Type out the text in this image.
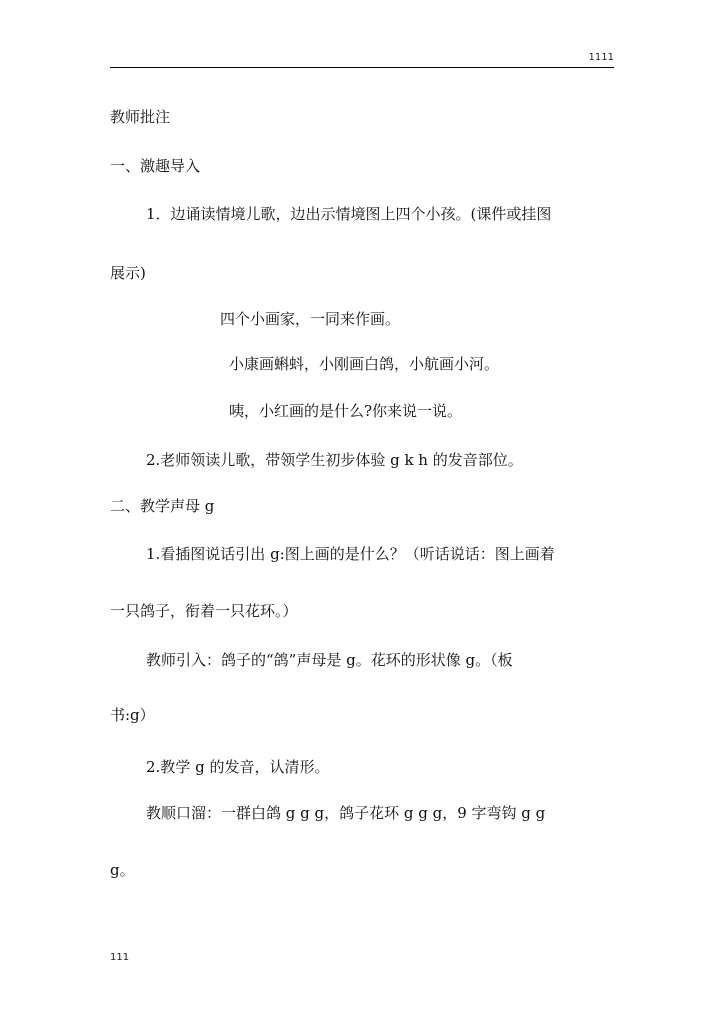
1111
教师批注
一、激趣导入
1．边诵读情境儿歌，边出示情境图上四个小孩。(课件或挂图
展示)
四个小画家，一同来作画。
小康画蝌蚪，小刚画白鸽，小航画小河。
咦，小红画的是什么?你来说一说。
2.老师领读儿歌，带领学生初步体验 g k h 的发音部位。
二、教学声母 g
1.看插图说话引出 g:图上画的是什么？（听话说话：图上画着
一只鸽子，衔着一只花环。）
教师引入：鸽子的“鸽”声母是 g。花环的形状像 g。（板
书:g）
2.教学 g 的发音，认清形。
教顺口溜：一群白鸽 g g g，鸽子花环 g g g，9 字弯钩 g g
g。
111
